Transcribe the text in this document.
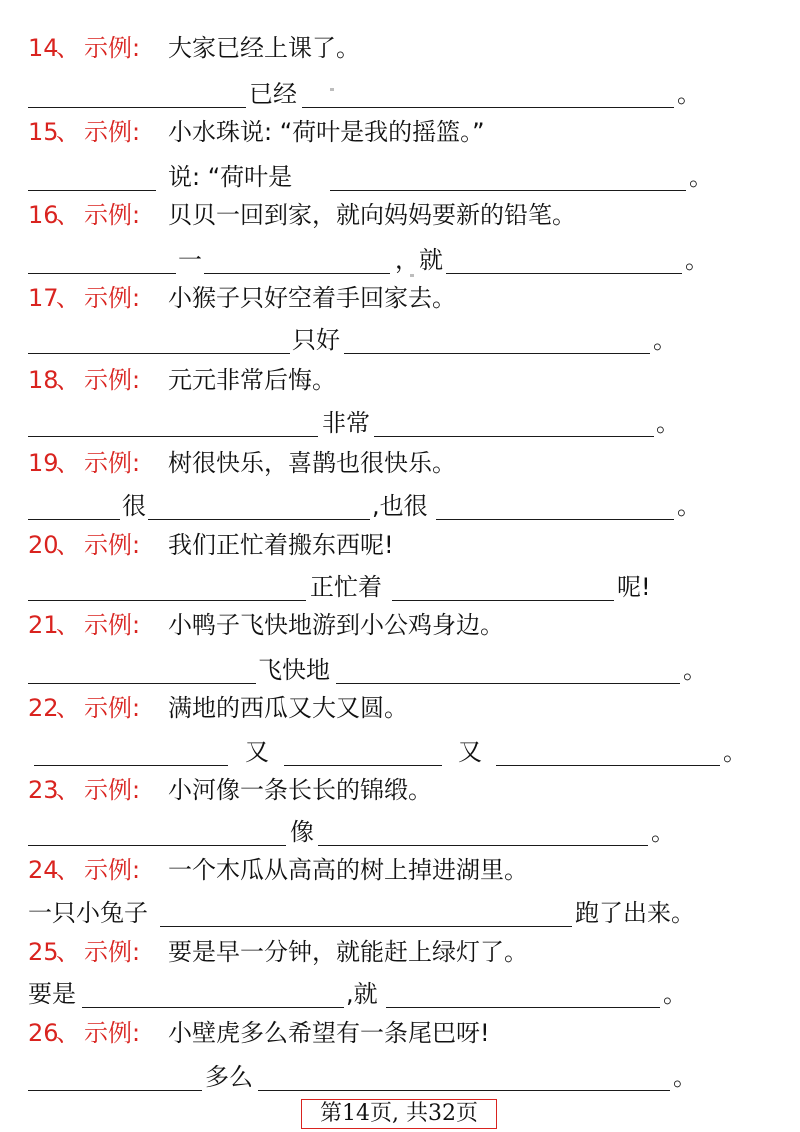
14
、 示例: 大家已经上课了。
已经	。
15
、 示例: 小水珠说: “荷叶是我的摇篮。”
说: “荷叶是	。
16
、 示例: 贝贝一回到家，就向妈妈要新的铅笔。
一	，就	。
17
、 示例: 小猴子只好空着手回家去。
只好	。
18
、 示例: 元元非常后悔。
非常	。
19
、 示例: 树很快乐，喜鹊也很快乐。
很	,也很	。
20
、 示例: 我们正忙着搬东西呢!
正忙着	呢!
21
、 示例: 小鸭子飞快地游到小公鸡身边。
飞快地	。
22
、 示例: 满地的西瓜又大又圆。
又	又	。
23
、 示例: 小河像一条长长的锦缎。
像	。
24
、 示例: 一个木瓜从高高的树上掉进湖里。
一只小兔子	跑了出来。
25
、 示例: 要是早一分钟，就能赶上绿灯了。
要是	,就	。
26
、 示例: 小壁虎多么希望有一条尾巴呀!
多么	。
第14页, 共32页
